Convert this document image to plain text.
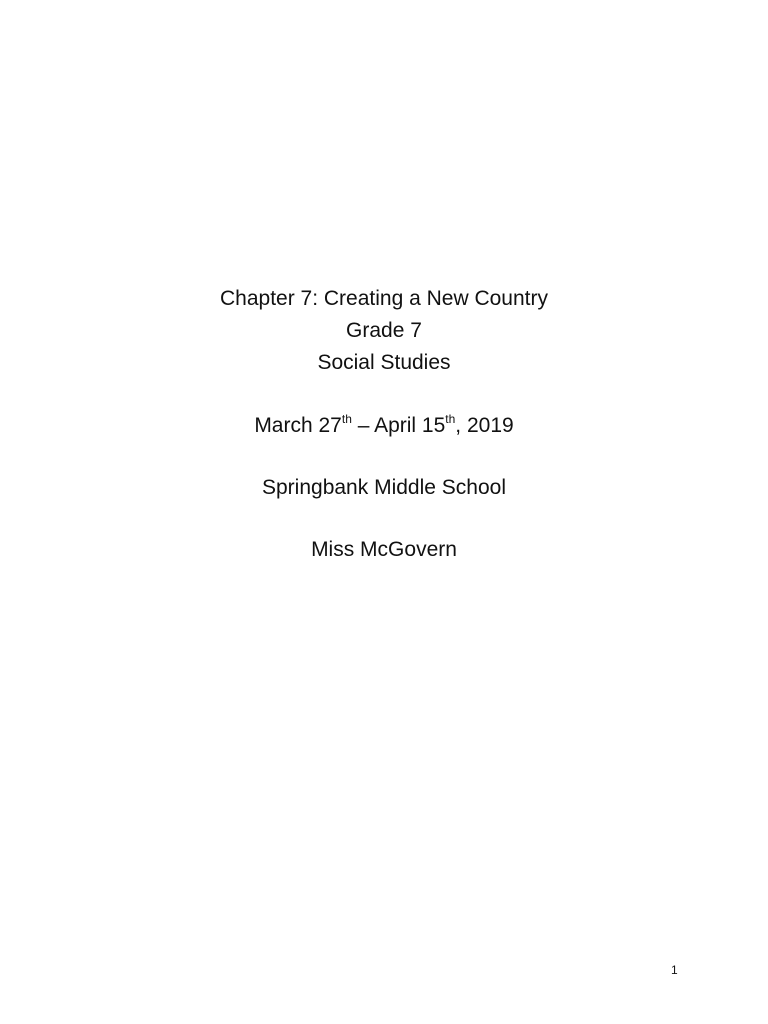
Chapter 7: Creating a New Country
Grade 7
Social Studies
March 27th – April 15th, 2019
Springbank Middle School
Miss McGovern
1
